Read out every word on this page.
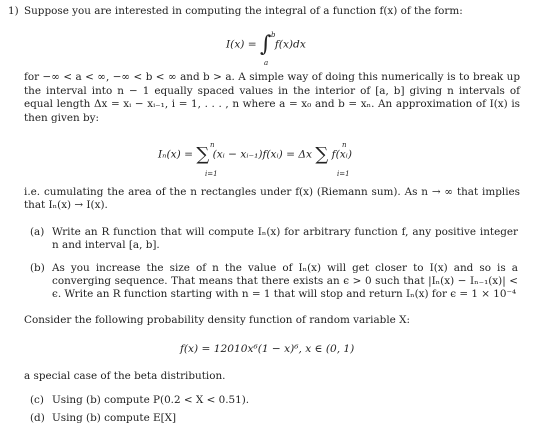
1) Suppose you are interested in computing the integral of a function f(x) of the form:
I(x) = ∫ f(x)dx
b
a
for −∞ < a < ∞, −∞ < b < ∞ and b > a. A simple way of doing this numerically is to break up the interval into n − 1 equally spaced values in the interior of [a, b] giving n intervals of equal length Δx = xᵢ − xᵢ₋₁, i = 1, . . . , n where a = x₀ and b = xₙ. An approximation of I(x) is then given by:
Iₙ(x) = ∑ (xᵢ − xᵢ₋₁)f(xᵢ) = Δx ∑ f(xᵢ)
n
i=1
n
i=1
i.e. cumulating the area of the n rectangles under f(x) (Riemann sum). As n → ∞ that implies that Iₙ(x) → I(x).
(a) Write an R function that will compute Iₙ(x) for arbitrary function f, any positive integer n and interval [a, b].
(b) As you increase the size of n the value of Iₙ(x) will get closer to I(x) and so is a converging sequence. That means that there exists an ϵ > 0 such that |Iₙ(x) − Iₙ₋₁(x)| < ϵ. Write an R function starting with n = 1 that will stop and return Iₙ(x) for ϵ = 1 × 10⁻⁴
Consider the following probability density function of random variable X:
f(x) = 12010x⁶(1 − x)⁶, x ∈ (0, 1)
a special case of the beta distribution.
(c) Using (b) compute P(0.2 < X < 0.51).
(d) Using (b) compute E[X]
